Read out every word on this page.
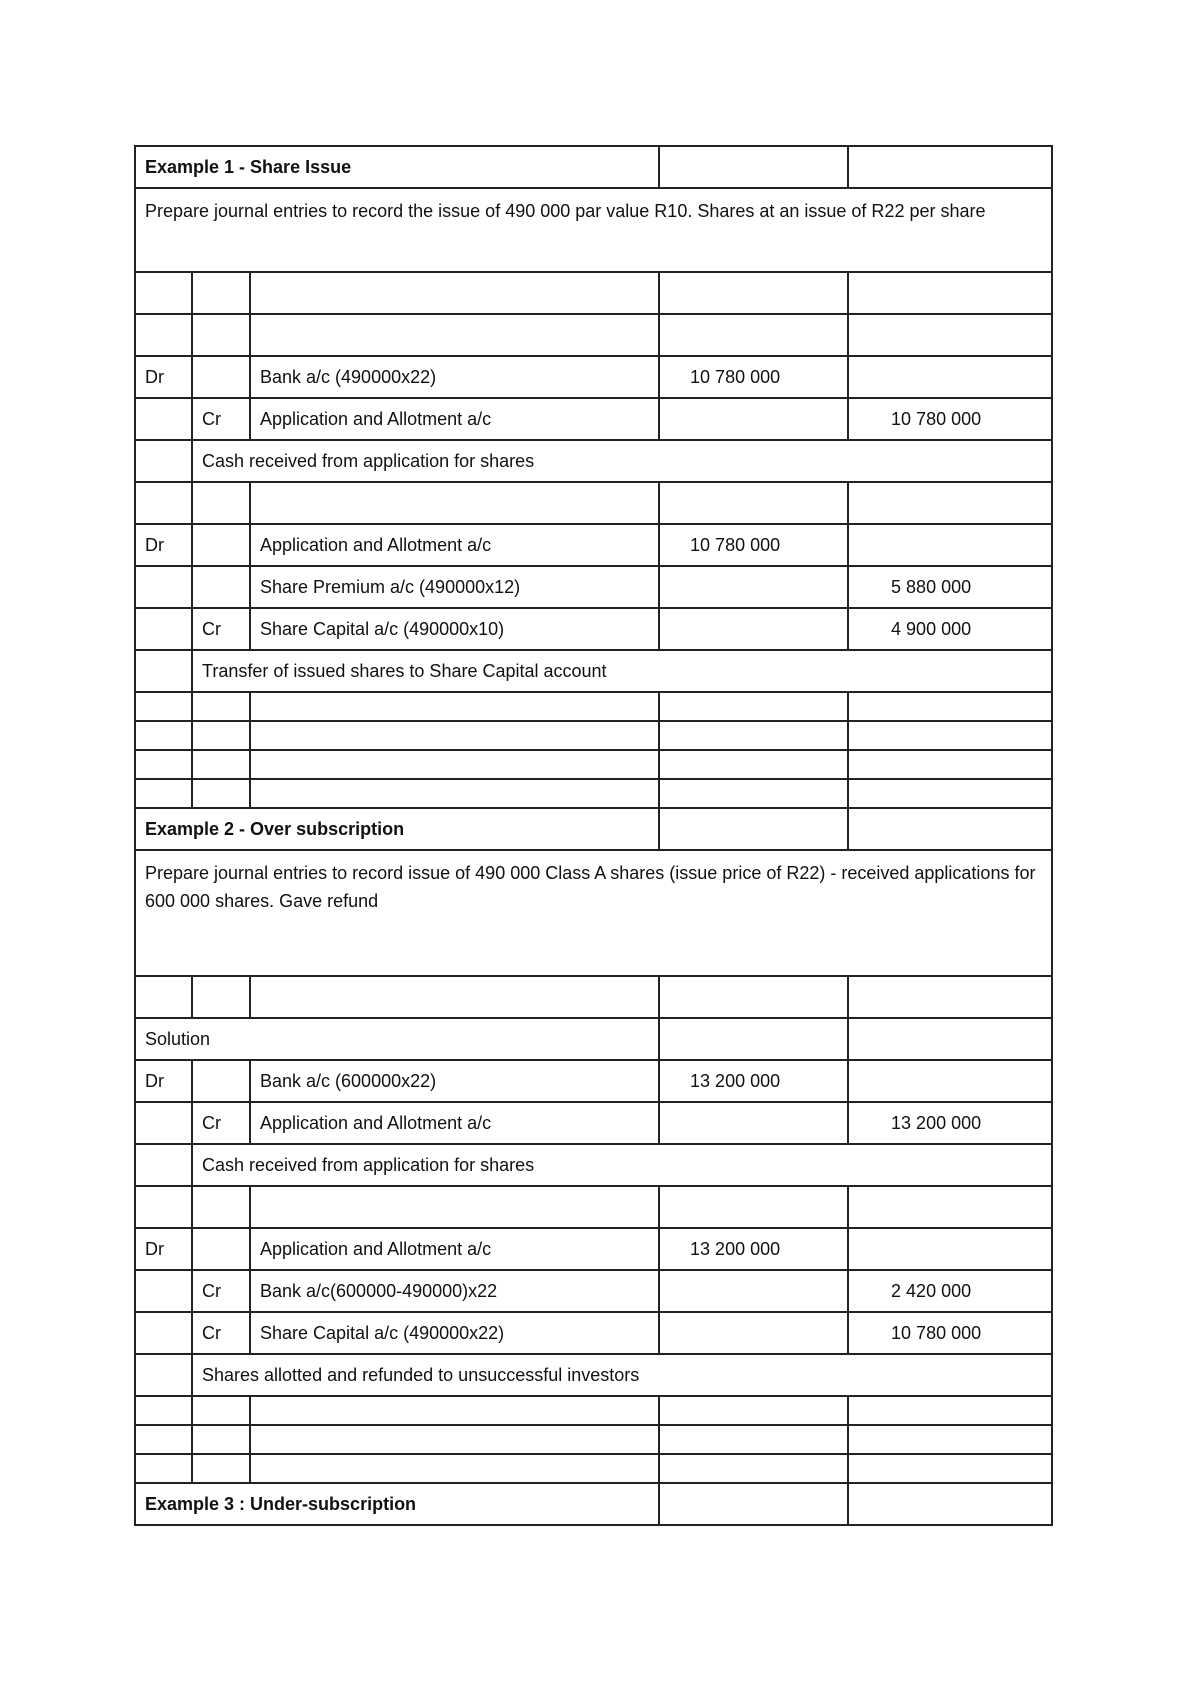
Example 1 - Share Issue				
Prepare journal entries to record the issue of 490 000 par value R10. Shares at an issue of R22 per share				

Dr		Bank a/c (490000x22)	10 780 000	
	Cr	Application and Allotment a/c		10 780 000
	Cash received from application for shares			

Dr		Application and Allotment a/c	10 780 000	
		Share Premium a/c (490000x12)		5 880 000
	Cr	Share Capital a/c (490000x10)		4 900 000
	Transfer of issued shares to Share Capital account			

Example 2 - Over subscription				
Prepare journal entries to record issue of 490 000 Class A shares (issue price of R22) - received applications for 600 000 shares. Gave refund				

Solution				
Dr		Bank a/c (600000x22)	13 200 000	
	Cr	Application and Allotment a/c		13 200 000
	Cash received from application for shares			

Dr		Application and Allotment a/c	13 200 000	
	Cr	Bank a/c(600000-490000)x22		2 420 000
	Cr	Share Capital a/c (490000x22)		10 780 000
	Shares allotted and refunded to unsuccessful investors			

Example 3 : Under-subscription				
